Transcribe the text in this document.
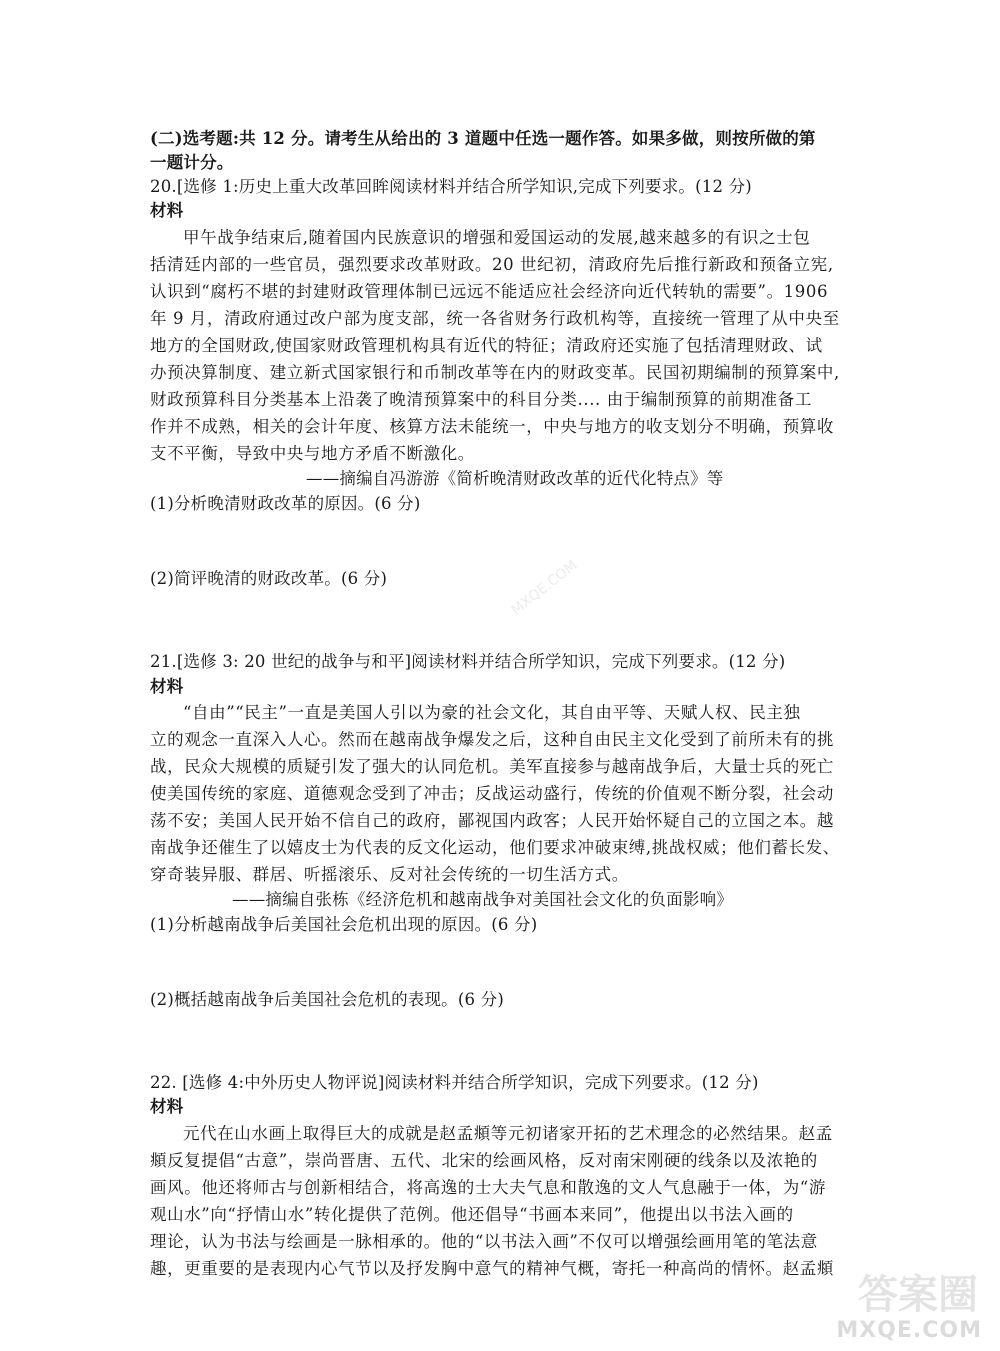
(二)选考题:共 12 分。请考生从给出的 3 道题中任选一题作答。如果多做，则按所做的第
一题计分。
20.[选修 1:历史上重大改革回眸阅读材料并结合所学知识,完成下列要求。(12 分)
材料
甲午战争结束后,随着国内民族意识的增强和爱国运动的发展,越来越多的有识之士包
括清廷内部的一些官员，强烈要求改革财政。20 世纪初，清政府先后推行新政和预备立宪,
认识到“腐朽不堪的封建财政管理体制已远远不能适应社会经济向近代转轨的需要”。1906
年 9 月，清政府通过改户部为度支部，统一各省财务行政机构等，直接统一管理了从中央至
地方的全国财政,使国家财政管理机构具有近代的特征；清政府还实施了包括清理财政、试
办预决算制度、建立新式国家银行和币制改革等在内的财政变革。民国初期编制的预算案中,
财政预算科目分类基本上沿袭了晚清预算案中的科目分类.... 由于编制预算的前期准备工
作并不成熟，相关的会计年度、核算方法未能统一，中央与地方的收支划分不明确，预算收
支不平衡，导致中央与地方矛盾不断激化。
——摘编自冯游游《简析晚清财政改革的近代化特点》等
(1)分析晚清财政改革的原因。(6 分)
(2)简评晚清的财政改革。(6 分)	MXQE.COM
21.[选修 3: 20 世纪的战争与和平]阅读材料并结合所学知识，完成下列要求。(12 分)
材料
“自由”“民主”一直是美国人引以为豪的社会文化，其自由平等、天赋人权、民主独
立的观念一直深入人心。然而在越南战争爆发之后，这种自由民主文化受到了前所未有的挑
战，民众大规模的质疑引发了强大的认同危机。美军直接参与越南战争后，大量士兵的死亡
使美国传统的家庭、道德观念受到了冲击；反战运动盛行，传统的价值观不断分裂，社会动
荡不安；美国人民开始不信自己的政府，鄙视国内政客；人民开始怀疑自己的立国之本。越
南战争还催生了以嬉皮士为代表的反文化运动，他们要求冲破束缚,挑战权威；他们蓄长发、
穿奇装异服、群居、听摇滚乐、反对社会传统的一切生活方式。
——摘编自张栋《经济危机和越南战争对美国社会文化的负面影响》
(1)分析越南战争后美国社会危机出现的原因。(6 分)
(2)概括越南战争后美国社会危机的表现。(6 分)
22. [选修 4:中外历史人物评说]阅读材料并结合所学知识，完成下列要求。(12 分)
材料
元代在山水画上取得巨大的成就是赵孟頫等元初诸家开拓的艺术理念的必然结果。赵孟
頫反复提倡“古意”，崇尚晋唐、五代、北宋的绘画风格，反对南宋刚硬的线条以及浓艳的
画风。他还将师古与创新相结合，将高逸的士大夫气息和散逸的文人气息融于一体，为“游
观山水”向“抒情山水”转化提供了范例。他还倡导“书画本来同”，他提出以书法入画的
理论，认为书法与绘画是一脉相承的。他的“以书法入画”不仅可以增强绘画用笔的笔法意
趣，更重要的是表现内心气节以及抒发胸中意气的精神气概，寄托一种高尚的情怀。赵孟頫
答案圈
MXQE.COM
